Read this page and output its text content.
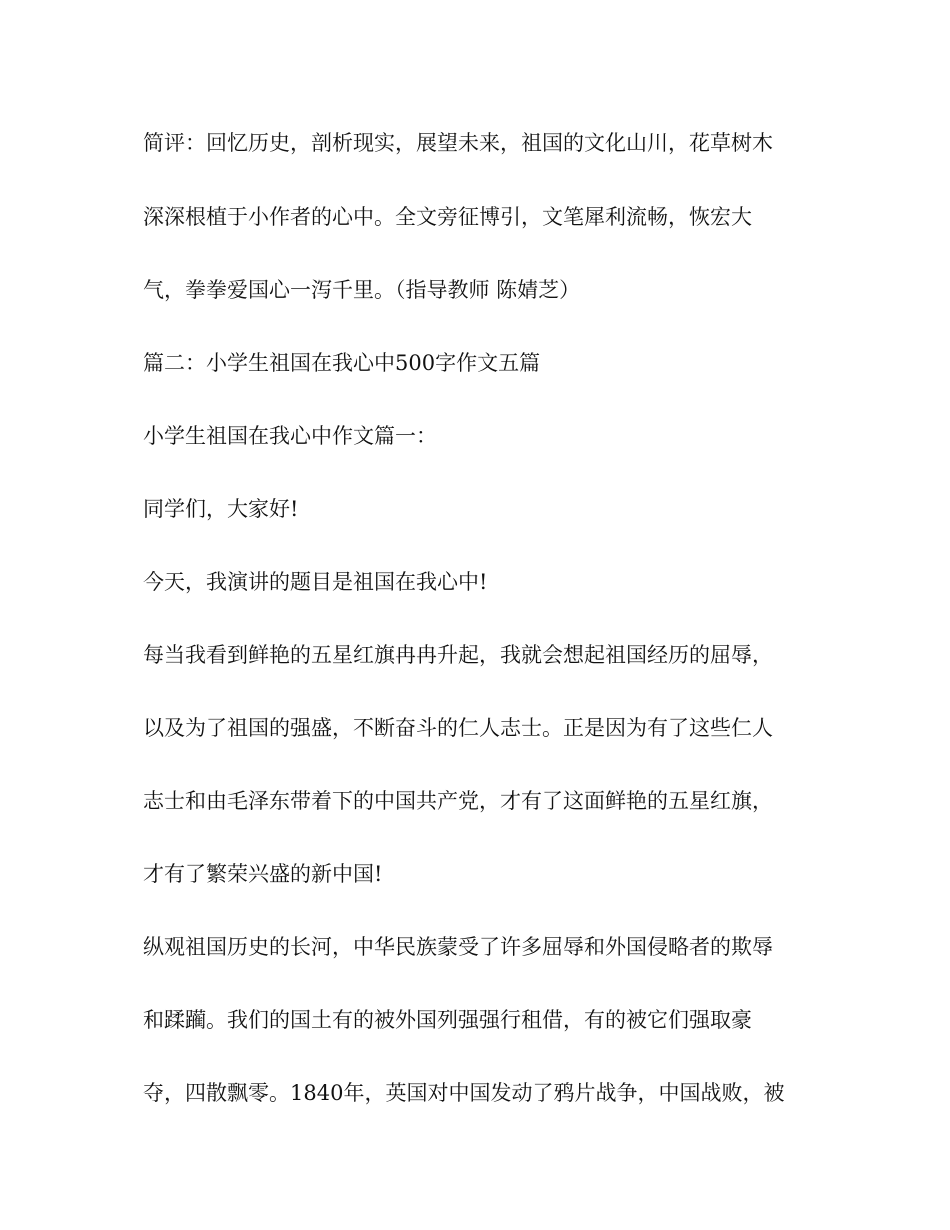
简评：回忆历史，剖析现实，展望未来，祖国的文化山川，花草树木
深深根植于小作者的心中。全文旁征博引，文笔犀利流畅，恢宏大
气，拳拳爱国心一泻千里。（指导教师 陈婧芝）
篇二：小学生祖国在我心中500字作文五篇
小学生祖国在我心中作文篇一：
同学们，大家好!
今天，我演讲的题目是祖国在我心中!
每当我看到鲜艳的五星红旗冉冉升起，我就会想起祖国经历的屈辱，
以及为了祖国的强盛，不断奋斗的仁人志士。正是因为有了这些仁人
志士和由毛泽东带着下的中国共产党，才有了这面鲜艳的五星红旗，
才有了繁荣兴盛的新中国!
纵观祖国历史的长河，中华民族蒙受了许多屈辱和外国侵略者的欺辱
和蹂躏。我们的国土有的被外国列强强行租借，有的被它们强取豪
夺，四散飘零。1840年，英国对中国发动了鸦片战争，中国战败，被
